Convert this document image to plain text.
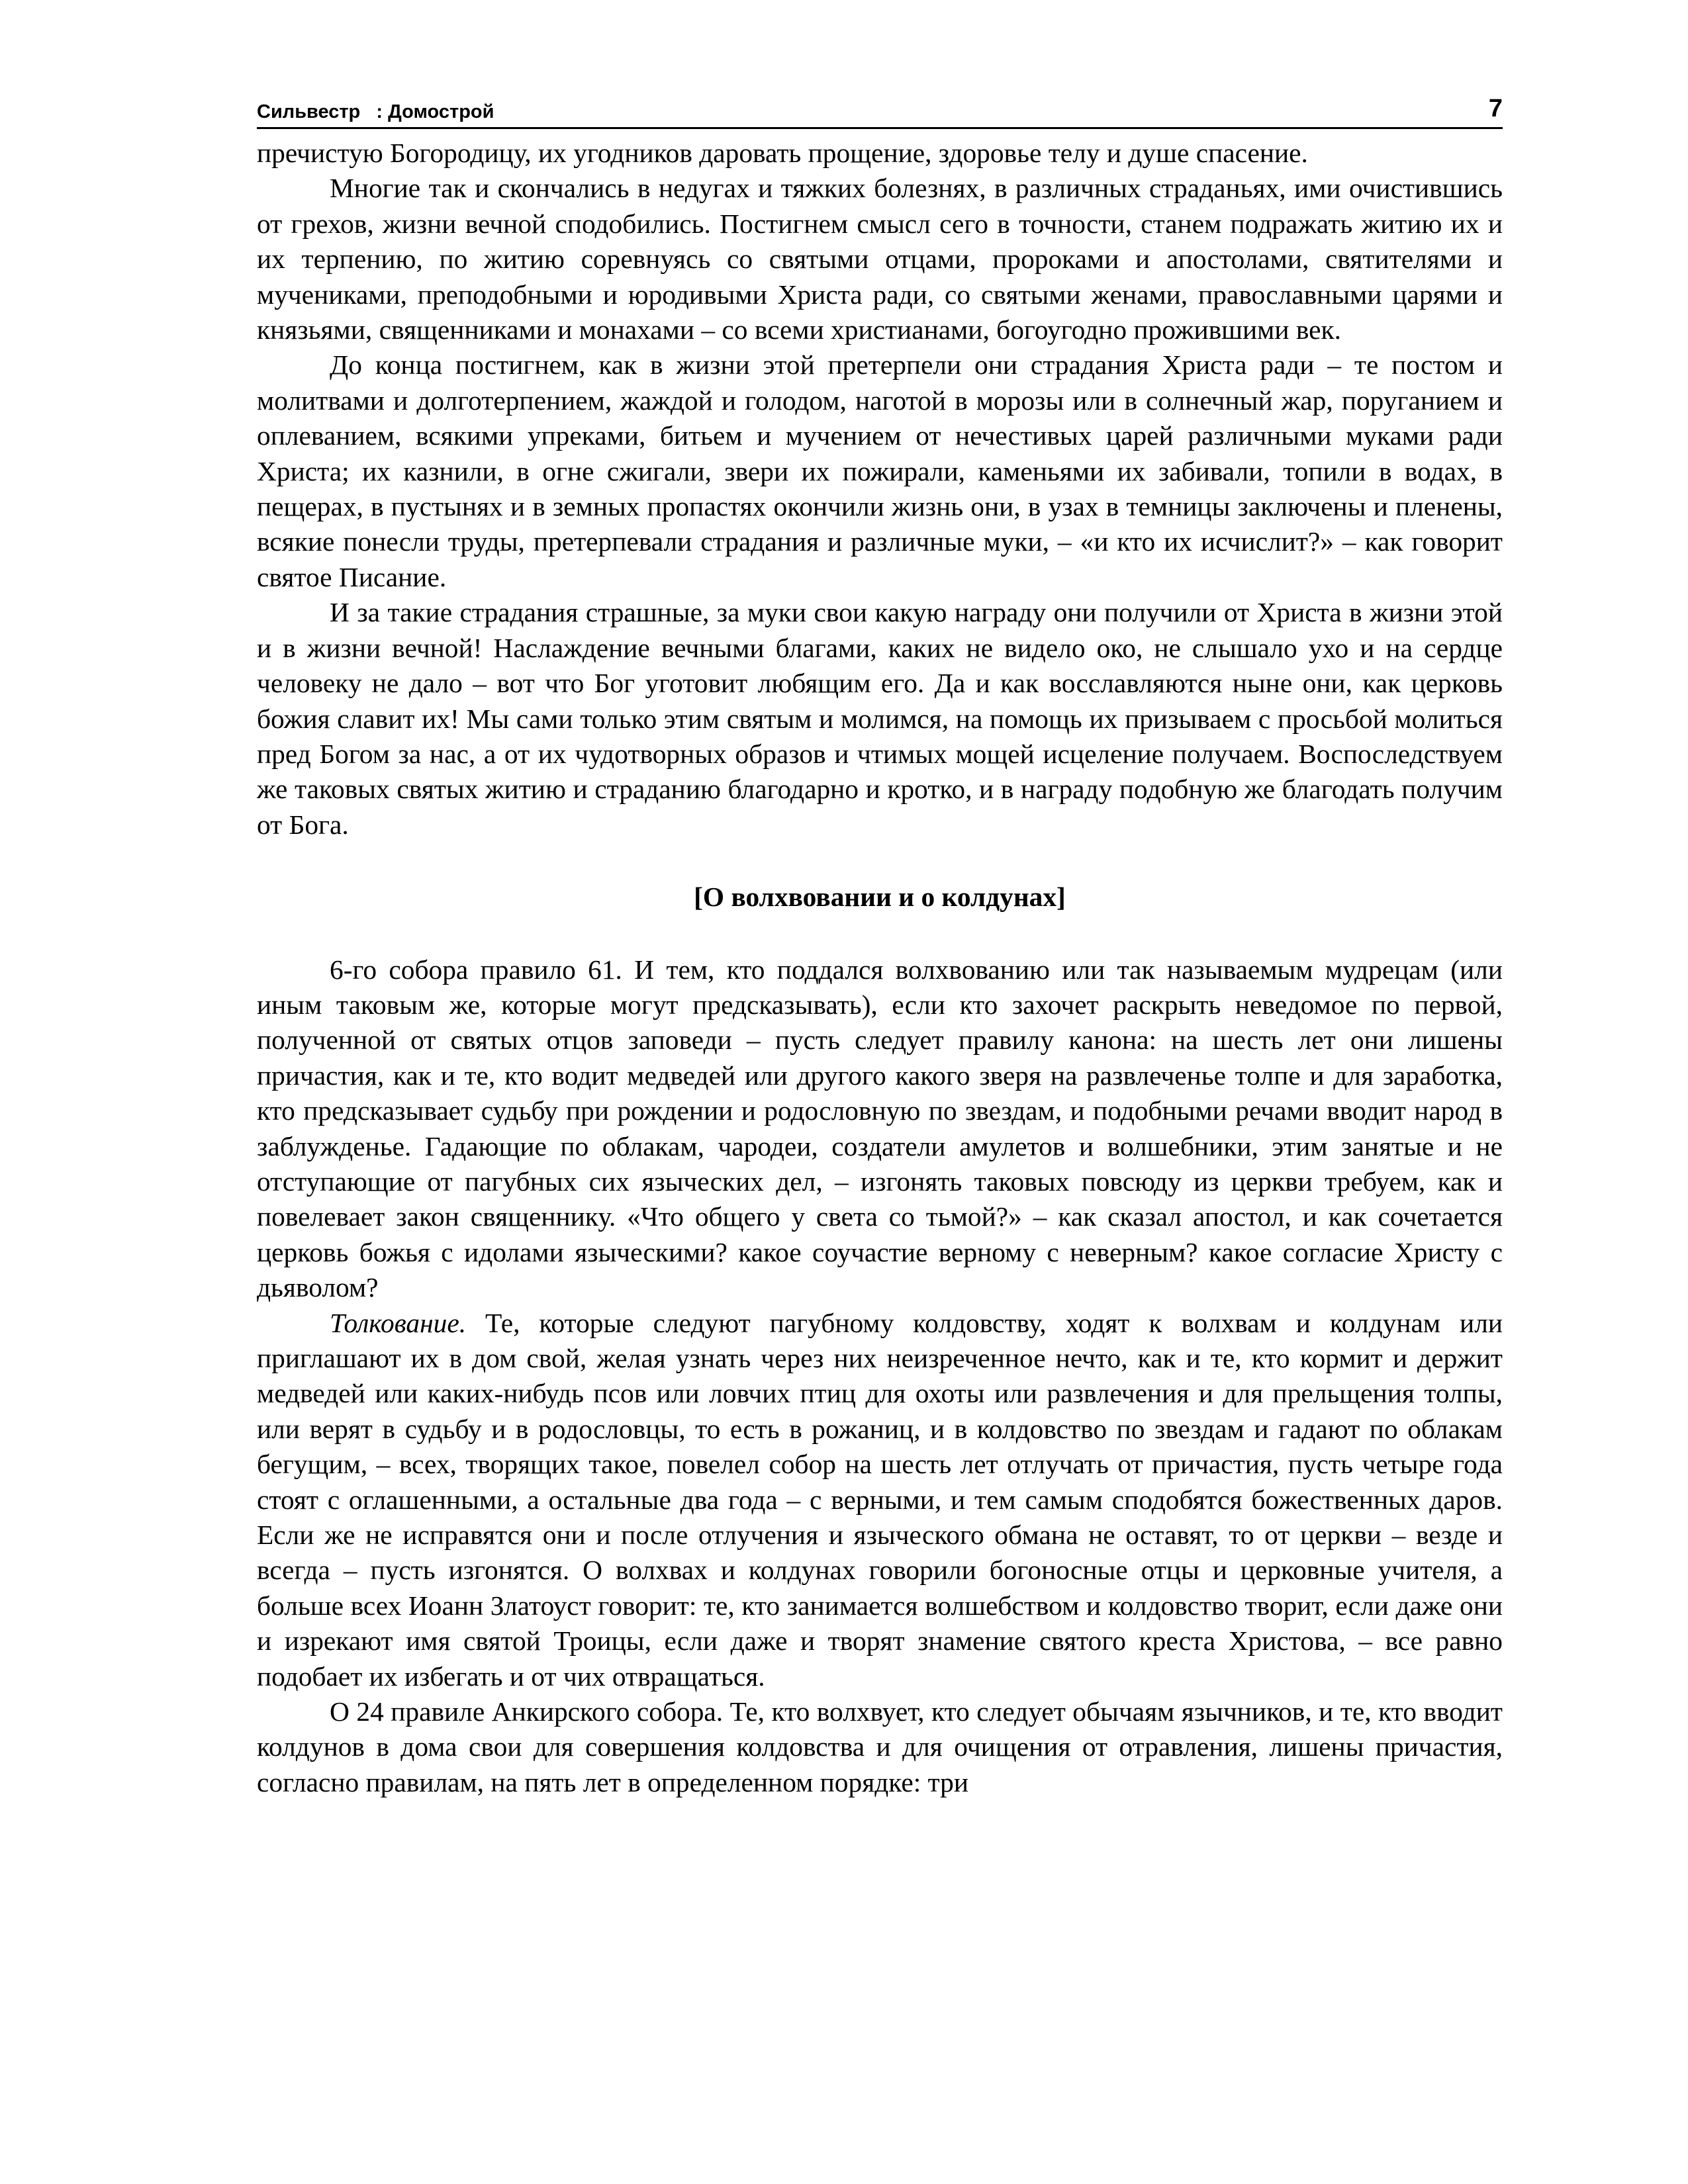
Сильвестр   : Домострой	7

пречистую Богородицу, их угодников даровать прощение, здоровье телу и душе спасение.

Многие так и скончались в недугах и тяжких болезнях, в различных страданьях, ими очистившись от грехов, жизни вечной сподобились. Постигнем смысл сего в точности, станем подражать житию их и их терпению, по житию соревнуясь со святыми отцами, пророками и апостолами, святителями и мучениками, преподобными и юродивыми Христа ради, со святыми женами, православными царями и князьями, священниками и монахами – со всеми христианами, богоугодно прожившими век.

До конца постигнем, как в жизни этой претерпели они страдания Христа ради – те постом и молитвами и долготерпением, жаждой и голодом, наготой в морозы или в солнечный жар, поруганием и оплеванием, всякими упреками, битьем и мучением от нечестивых царей различными муками ради Христа; их казнили, в огне сжигали, звери их пожирали, каменьями их забивали, топили в водах, в пещерах, в пустынях и в земных пропастях окончили жизнь они, в узах в темницы заключены и пленены, всякие понесли труды, претерпевали страдания и различные муки, – «и кто их исчислит?» – как говорит святое Писание.

И за такие страдания страшные, за муки свои какую награду они получили от Христа в жизни этой и в жизни вечной! Наслаждение вечными благами, каких не видело око, не слышало ухо и на сердце человеку не дало – вот что Бог уготовит любящим его. Да и как восславляются ныне они, как церковь божия славит их! Мы сами только этим святым и молимся, на помощь их призываем с просьбой молиться пред Богом за нас, а от их чудотворных образов и чтимых мощей исцеление получаем. Воспоследствуем же таковых святых житию и страданию благодарно и кротко, и в награду подобную же благодать получим от Бога.

[О волхвовании и о колдунах]

6-го собора правило 61. И тем, кто поддался волхвованию или так называемым мудрецам (или иным таковым же, которые могут предсказывать), если кто захочет раскрыть неведомое по первой, полученной от святых отцов заповеди – пусть следует правилу канона: на шесть лет они лишены причастия, как и те, кто водит медведей или другого какого зверя на развлеченье толпе и для заработка, кто предсказывает судьбу при рождении и родословную по звездам, и подобными речами вводит народ в заблужденье. Гадающие по облакам, чародеи, создатели амулетов и волшебники, этим занятые и не отступающие от пагубных сих языческих дел, – изгонять таковых повсюду из церкви требуем, как и повелевает закон священнику. «Что общего у света со тьмой?» – как сказал апостол, и как сочетается церковь божья с идолами языческими? какое соучастие верному с неверным? какое согласие Христу с дьяволом?

Толкование. Те, которые следуют пагубному колдовству, ходят к волхвам и колдунам или приглашают их в дом свой, желая узнать через них неизреченное нечто, как и те, кто кормит и держит медведей или каких-нибудь псов или ловчих птиц для охоты или развлечения и для прельщения толпы, или верят в судьбу и в родословцы, то есть в рожаниц, и в колдовство по звездам и гадают по облакам бегущим, – всех, творящих такое, повелел собор на шесть лет отлучать от причастия, пусть четыре года стоят с оглашенными, а остальные два года – с верными, и тем самым сподобятся божественных даров. Если же не исправятся они и после отлучения и языческого обмана не оставят, то от церкви – везде и всегда – пусть изгонятся. О волхвах и колдунах говорили богоносные отцы и церковные учителя, а больше всех Иоанн Златоуст говорит: те, кто занимается волшебством и колдовство творит, если даже они и изрекают имя святой Троицы, если даже и творят знамение святого креста Христова, – все равно подобает их избегать и от чих отвращаться.

О 24 правиле Анкирского собора. Те, кто волхвует, кто следует обычаям язычников, и те, кто вводит колдунов в дома свои для совершения колдовства и для очищения от отравления, лишены причастия, согласно правилам, на пять лет в определенном порядке: три
